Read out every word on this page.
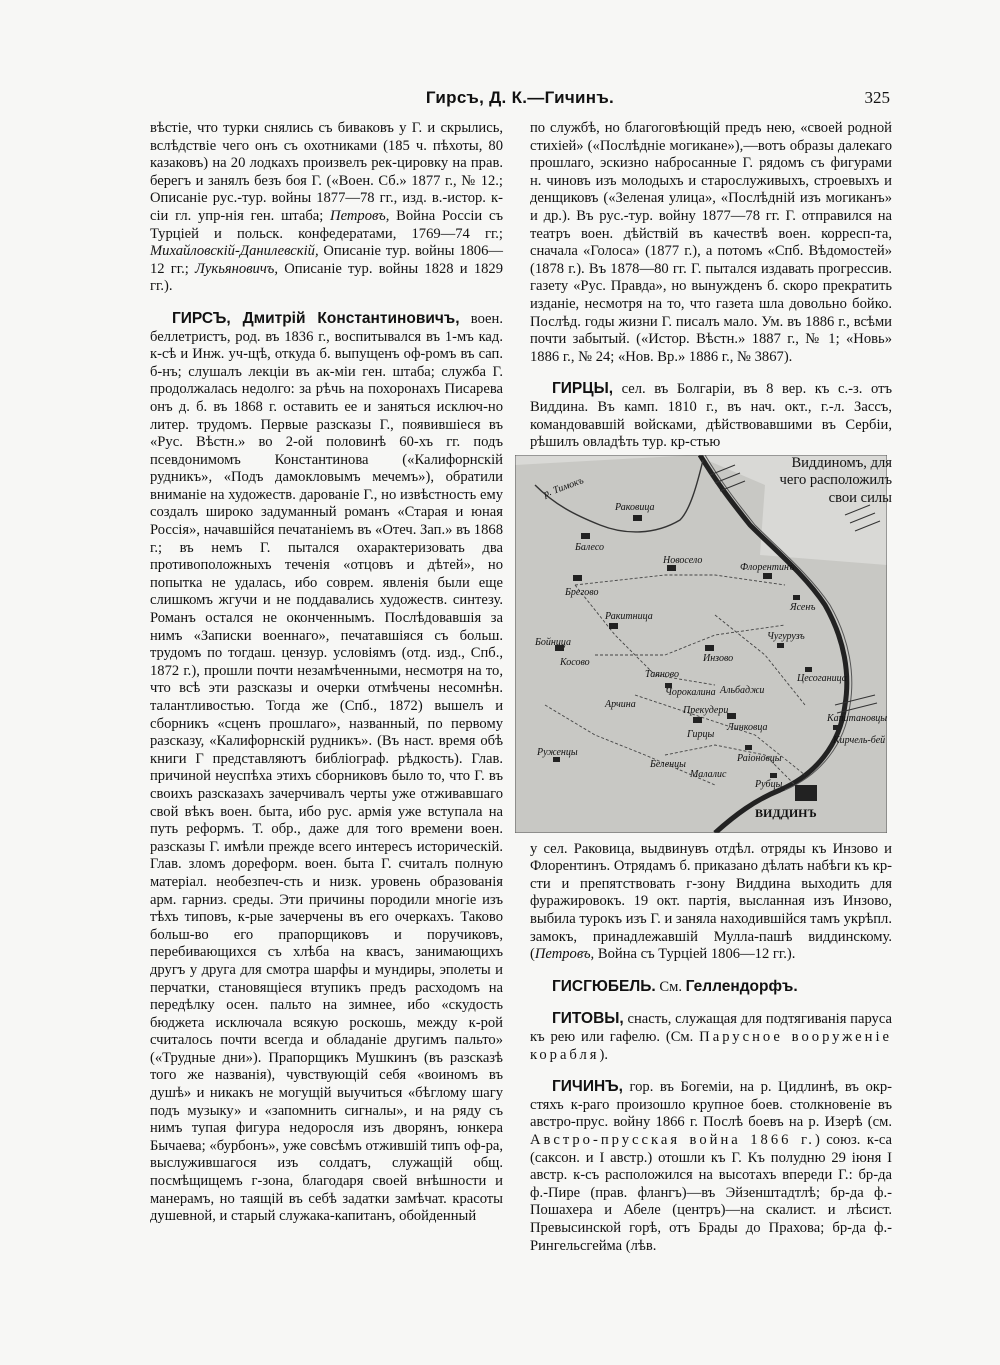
Гирсъ, Д. К.—Гичинъ.	325

вѣстіе, что турки снялись съ биваковъ у Г. и скрылись, вслѣдствіе чего онъ съ охотниками (185 ч. пѣхоты, 80 казаковъ) на 20 лодкахъ произвелъ рек-цировку на прав. берегъ и занялъ безъ боя Г. («Воен. Сб.» 1877 г., № 12.; Описаніе рус.-тур. войны 1877—78 гг., изд. в.-истор. к-сіи гл. упр-нія ген. штаба; Петровъ, Война Россіи съ Турціей и польск. конфедератами, 1769—74 гг.; Михайловскій-Данилевскій, Описаніе тур. войны 1806—12 гг.; Лукьяновичъ, Описаніе тур. войны 1828 и 1829 гг.).

ГИРСЪ, Дмитрій Константиновичъ, воен. беллетристъ, род. въ 1836 г., воспитывался въ 1-мъ кад. к-сѣ и Инж. уч-щѣ, откуда б. выпущенъ оф-ромъ въ сап. б-нъ; слушалъ лекціи въ ак-міи ген. штаба; служба Г. продолжалась недолго: за рѣчь на похоронахъ Писарева онъ д. б. въ 1868 г. оставить ее и заняться исключ-но литер. трудомъ. Первые разсказы Г., появившіеся въ «Рус. Вѣстн.» во 2-ой половинѣ 60-хъ гг. подъ псевдонимомъ Константинова («Калифорнскій рудникъ», «Подъ дамокловымъ мечемъ»), обратили вниманіе на художеств. дарованіе Г., но извѣстность ему создалъ широко задуманный романъ «Старая и юная Россія», начавшійся печатаніемъ въ «Отеч. Зап.» въ 1868 г.; въ немъ Г. пытался охарактеризовать два противоположныхъ теченія «отцовъ и дѣтей», но попытка не удалась, ибо соврем. явленія были еще слишкомъ жгучи и не поддавались художеств. синтезу. Романъ остался не оконченнымъ. Послѣдовавшія за нимъ «Записки военнаго», печатавшіяся съ больш. трудомъ по тогдаш. цензур. условіямъ (отд. изд., Спб., 1872 г.), прошли почти незамѣченными, несмотря на то, что всѣ эти разсказы и очерки отмѣчены несомнѣн. талантливостью. Тогда же (Спб., 1872) вышелъ и сборникъ «сценъ прошлаго», названный, по первому разсказу, «Калифорнскій рудникъ». (Въ наст. время обѣ книги Г представляютъ библіограф. рѣдкость). Глав. причиной неуспѣха этихъ сборниковъ было то, что Г. въ своихъ разсказахъ зачерчивалъ черты уже отживавшаго свой вѣкъ воен. быта, ибо рус. армія уже вступала на путь реформъ. Т. обр., даже для того времени воен. разсказы Г. имѣли прежде всего интересъ историческій. Глав. зломъ дореформ. воен. быта Г. считалъ полную матеріал. необезпеч-сть и низк. уровень образованія арм. гарниз. среды. Эти причины породили многіе изъ тѣхъ типовъ, к-рые зачерчены въ его очеркахъ. Таково больш-во его прапорщиковъ и поручиковъ, перебивающихся съ хлѣба на квасъ, занимающихъ другъ у друга для смотра шарфы и мундиры, эполеты и перчатки, становящіеся втупикъ предъ расходомъ на передѣлку осен. пальто на зимнее, ибо «скудость бюджета исключала всякую роскошь, между к-рой считалось почти всегда и обладаніе другимъ пальто» («Трудные дни»). Прапорщикъ Мушкинъ (въ разсказѣ того же названія), чувствующій себя «воиномъ въ душѣ» и никакъ не могущій выучиться «бѣглому шагу подъ музыку» и «запомнить сигналы», и на ряду съ нимъ тупая фигура недоросля изъ дворянъ, юнкера Бычаева; «бурбонъ», уже совсѣмъ отжившій типъ оф-ра, выслужившагося изъ солдатъ, служащій общ. посмѣщищемъ г-зона, благодаря своей внѣшности и манерамъ, но таящій въ себѣ задатки замѣчат. красоты душевной, и старый служака-капитанъ, обойденный

по службѣ, но благоговѣющій предъ нею, «своей родной стихіей» («Послѣдніе могикане»),—вотъ образы далекаго прошлаго, эскизно набросанные Г. рядомъ съ фигурами н. чиновъ изъ молодыхъ и старослуживыхъ, строевыхъ и денщиковъ («Зеленая улица», «Послѣдній изъ могиканъ» и др.). Въ рус.-тур. войну 1877—78 гг. Г. отправился на театръ воен. дѣйствій въ качествѣ воен. корресп-та, сначала «Голоса» (1877 г.), а потомъ «Спб. Вѣдомостей» (1878 г.). Въ 1878—80 гг. Г. пытался издавать прогрессив. газету «Рус. Правда», но вынужденъ б. скоро прекратить изданіе, несмотря на то, что газета шла довольно бойко. Послѣд. годы жизни Г. писалъ мало. Ум. въ 1886 г., всѣми почти забытый. («Истор. Вѣстн.» 1887 г., № 1; «Новь» 1886 г., № 24; «Нов. Вр.» 1886 г., № 3867).

ГИРЦЫ, сел. въ Болгаріи, въ 8 вер. къ с.-з. отъ Виддина. Въ камп. 1810 г., въ нач. окт., г.-л. Зассъ, командовавшій войсками, дѣйствовавшими въ Сербіи, рѣшилъ овладѣть тур. кр-стью

р. Тимокъ
Раковица
Балесо
Новосело
Брегово
Флорентинъ
Ясенъ
Ракитница
Бойница
Косово	Инзово
Чугурузъ
Цесоганица
Таяново
Чорокалина Альбаджи
Арчина
Прекудери
Линковца
Гирцы
Капитановцы
Кирчель-бей
Руженцы
Беленцы
Малалис
Раіоновцы
Рубцы
ВИДДИНЪ
Виддиномъ, для чего расположилъ свои силы

у сел. Раковица, выдвинувъ отдѣл. отряды къ Инзово и Флорентинъ. Отрядамъ б. приказано дѣлать набѣги къ кр-сти и препятствовать г-зону Виддина выходить для фуражировокъ. 19 окт. партія, высланная изъ Инзово, выбила турокъ изъ Г. и заняла находившійся тамъ укрѣпл. замокъ, принадлежавшій Мулла-пашѣ виддинскому. (Петровъ, Война съ Турціей 1806—12 гг.).

ГИСГЮБЕЛЬ. См. Геллендорфъ.

ГИТОВЫ, снасть, служащая для подтягиванія паруса къ рею или гафелю. (См. Парусное вооруженіе корабля).

ГИЧИНЪ, гор. въ Богеміи, на р. Цидлинѣ, въ окр-стяхъ к-раго произошло крупное боев. столкновеніе въ австро-прус. войну 1866 г. Послѣ боевъ на р. Изерѣ (см. Австро-прусская война 1866 г.) союз. к-са (саксон. и I австр.) отошли къ Г. Къ полудню 29 іюня I австр. к-съ расположился на высотахъ впереди Г.: бр-да ф.-Пире (прав. флангъ)—въ Эйзенштадтлѣ; бр-да ф.-Пошахера и Абеле (центръ)—на скалист. и лѣсист. Превысинской горѣ, отъ Брады до Прахова; бр-да ф.-Рингельсгейма (лѣв.
